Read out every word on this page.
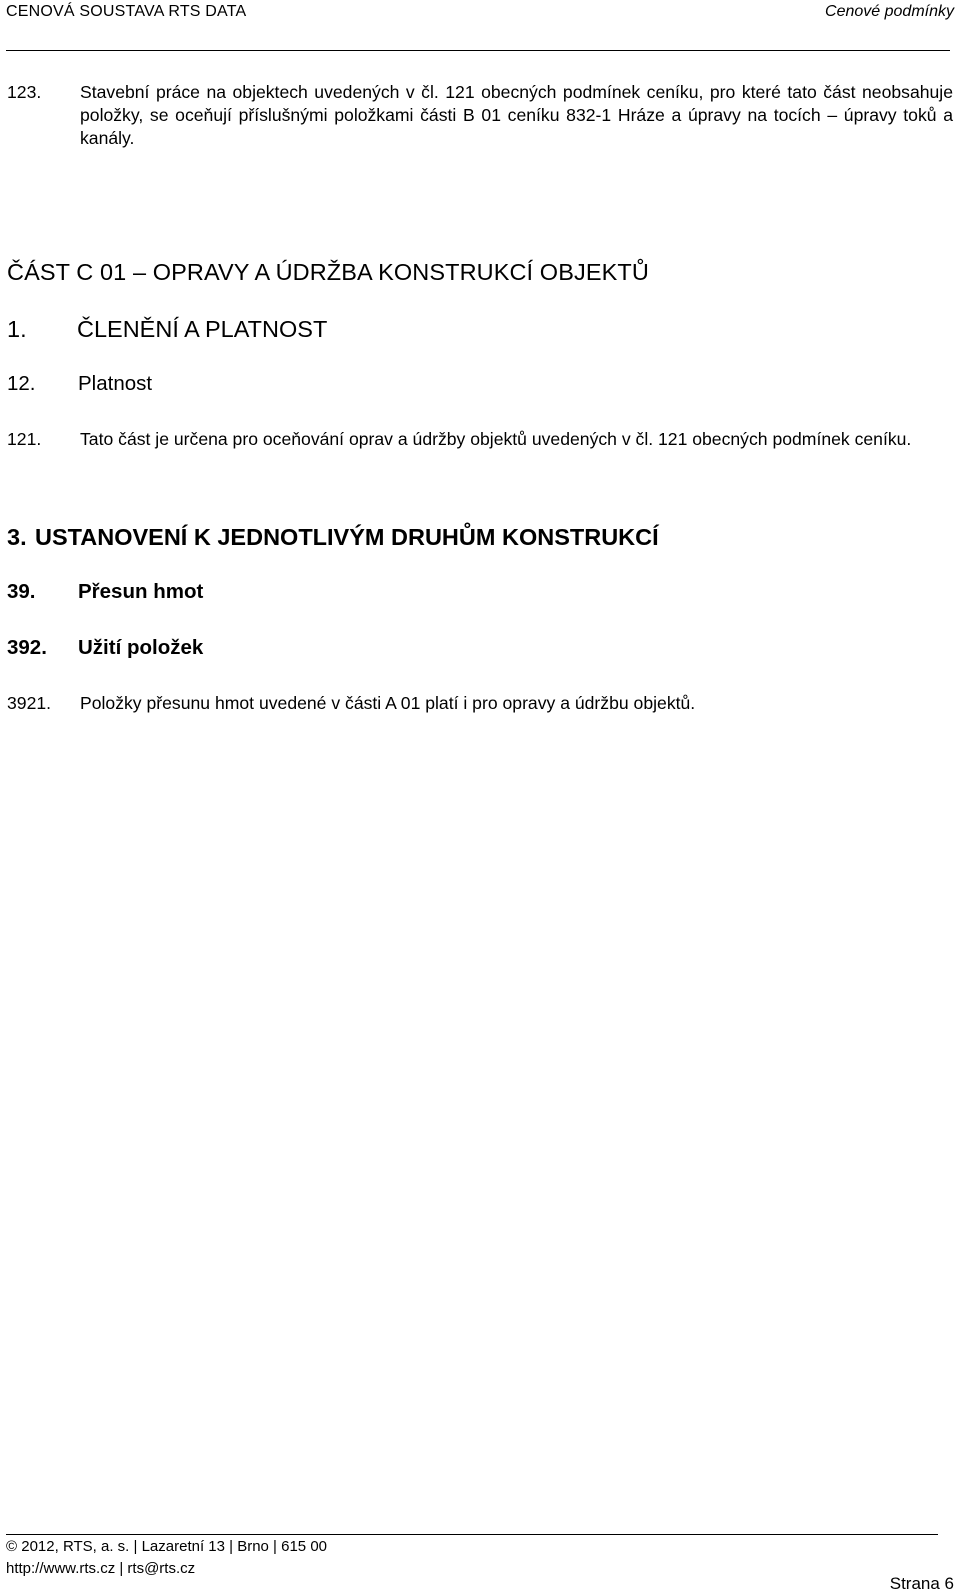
CENOVÁ SOUSTAVA RTS DATA	Cenové podmínky
123. Stavební práce na objektech uvedených v čl. 121 obecných podmínek ceníku, pro které tato část neobsahuje položky, se oceňují příslušnými položkami části B 01 ceníku 832-1 Hráze a úpravy na tocích – úpravy toků a kanály.
ČÁST C 01 – OPRAVY A ÚDRŽBA KONSTRUKCÍ OBJEKTŮ
1. ČLENĚNÍ A PLATNOST
12. Platnost
121.	Tato část je určena pro oceňování oprav a údržby objektů uvedených v čl. 121 obecných podmínek ceníku.
3. USTANOVENÍ K JEDNOTLIVÝM DRUHŮM KONSTRUKCÍ
39. Přesun hmot
392. Užití položek
3921. Položky přesunu hmot uvedené v části A 01 platí i pro opravy a údržbu objektů.
© 2012, RTS, a. s. | Lazaretní 13 | Brno | 615 00
http://www.rts.cz | rts@rts.cz
Strana 6
